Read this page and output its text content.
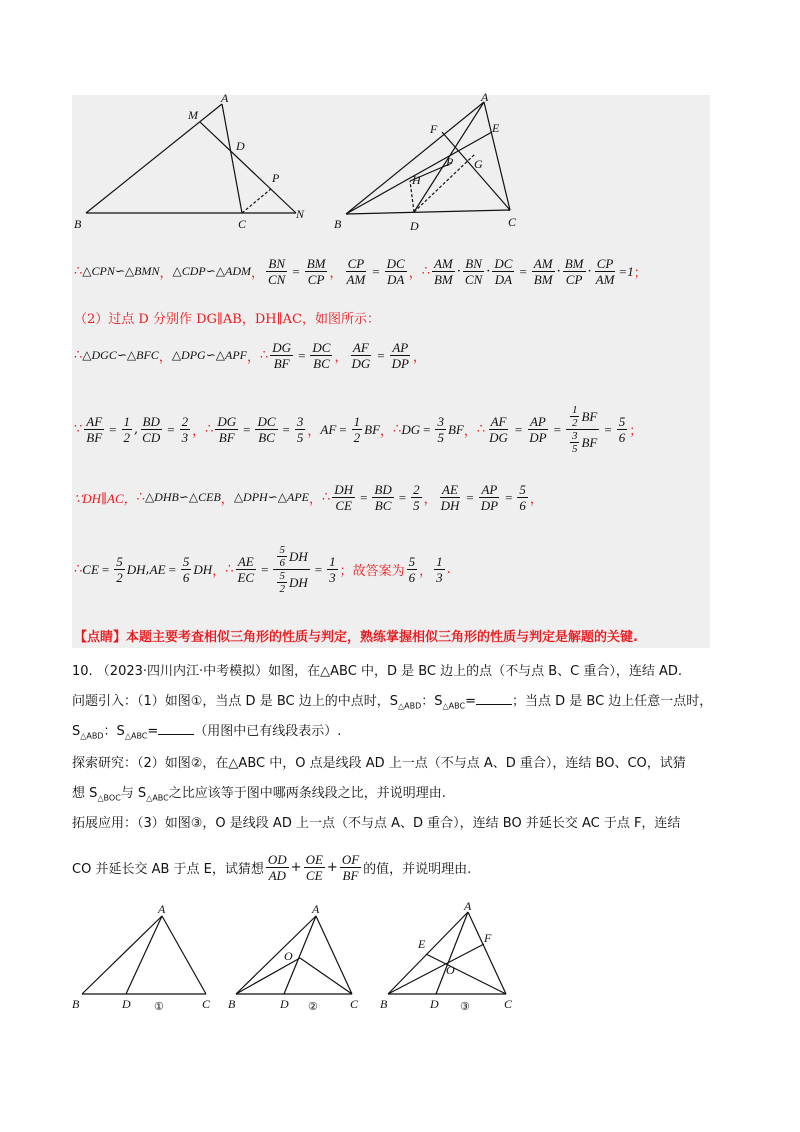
M
A
D
P
B	C
N
A
F	E
P G
H
B	D	C
∴ △CPN∽△BMN ， △CDP∽△ADM ， $\frac{BN}{CN} = \frac{BM}{CP}$ ， $\frac{CP}{AM} = \frac{DC}{DA}$ ， ∴
AM
BM
·
BN
CN
· $\frac{DC}{DA} = \frac{AM}{BM}$ ·
BM
CP
· $\frac{CP}{AM} =1$ ；
（2）过点 D 分别作 DG∥AB，DH∥AC，如图所示：
∴ △DGC∽△BFC ， △DPG∽△APF ， ∴ $\frac{DG}{BF} = \frac{DC}{BC}$ ， $\frac{AF}{DG} = \frac{AP}{DP}$ ，
∵ $\frac{AF}{BF} = \frac{1}{2}$ , $\frac{BD}{CD} = \frac{2}{3}$ ， ∴ $\frac{DG}{BF} = \frac{DC}{BC} = \frac{3}{5}$ ， AF = $\frac{1}{2}$ BF ， ∴ DG = $\frac{3}{5}$ BF ， ∴ $\frac{AF}{DG} = \frac{AP}{DP} = 1$
2 BF
3
5 BF = $\frac{5}{6}$ ；
∵DH∥AC， ∴ △DHB∽△CEB ， △DPH∽△APE ， ∴ $\frac{DH}{CE} = \frac{BD}{BC} = \frac{2}{5}$ ， $\frac{AE}{DH} = \frac{AP}{DP} = \frac{5}{6}$ ，
∴ CE = $\frac{5}{2}$ DH , AE = $\frac{5}{6}$ DH ， ∴ $\frac{AE}{EC} = 5$
6 DH
5
2 DH = $\frac{1}{3}$ ； 故答案为
5
6 ，
1
3
.
【点睛】 本题主要考查相似三角形的性质与判定，熟练掌握相似三角形的性质与判定是解题的关键.
10. （2023·四川内江·中考模拟）如图，在△ABC 中，D 是 BC 边上的点（不与点 B、C 重合），连结 AD.
问题引入：（1）如图①，当点 D 是 BC 边上的中点时，$S_{\triangle ABD}$：$S_{\triangle ABC}=$	；当点 D 是 BC 边上任意一点时，
$S_{\triangle ABD}$：$S_{\triangle ABC}=$	（用图中已有线段表示）.
探索研究：（2）如图②，在△ABC 中，O 点是线段 AD 上一点（不与点 A、D 重合），连结 BO、CO，试猜
想 $S_{\triangle BOC}$与 $S_{\triangle ABC}$之比应该等于图中哪两条线段之比，并说明理由.
拓展应用：（3）如图③，O 是线段 AD 上一点（不与点 A、D 重合），连结 BO 并延长交 AC 于点 F，连结
CO 并延长交 AB 于点 E，试猜想
OD
AD
+
OE
CE
+
OF
BF 的值，并说明理由.
A
B	D ①	C
A
O
B	D ②	C
A
E	F
O
B	D ③	C
